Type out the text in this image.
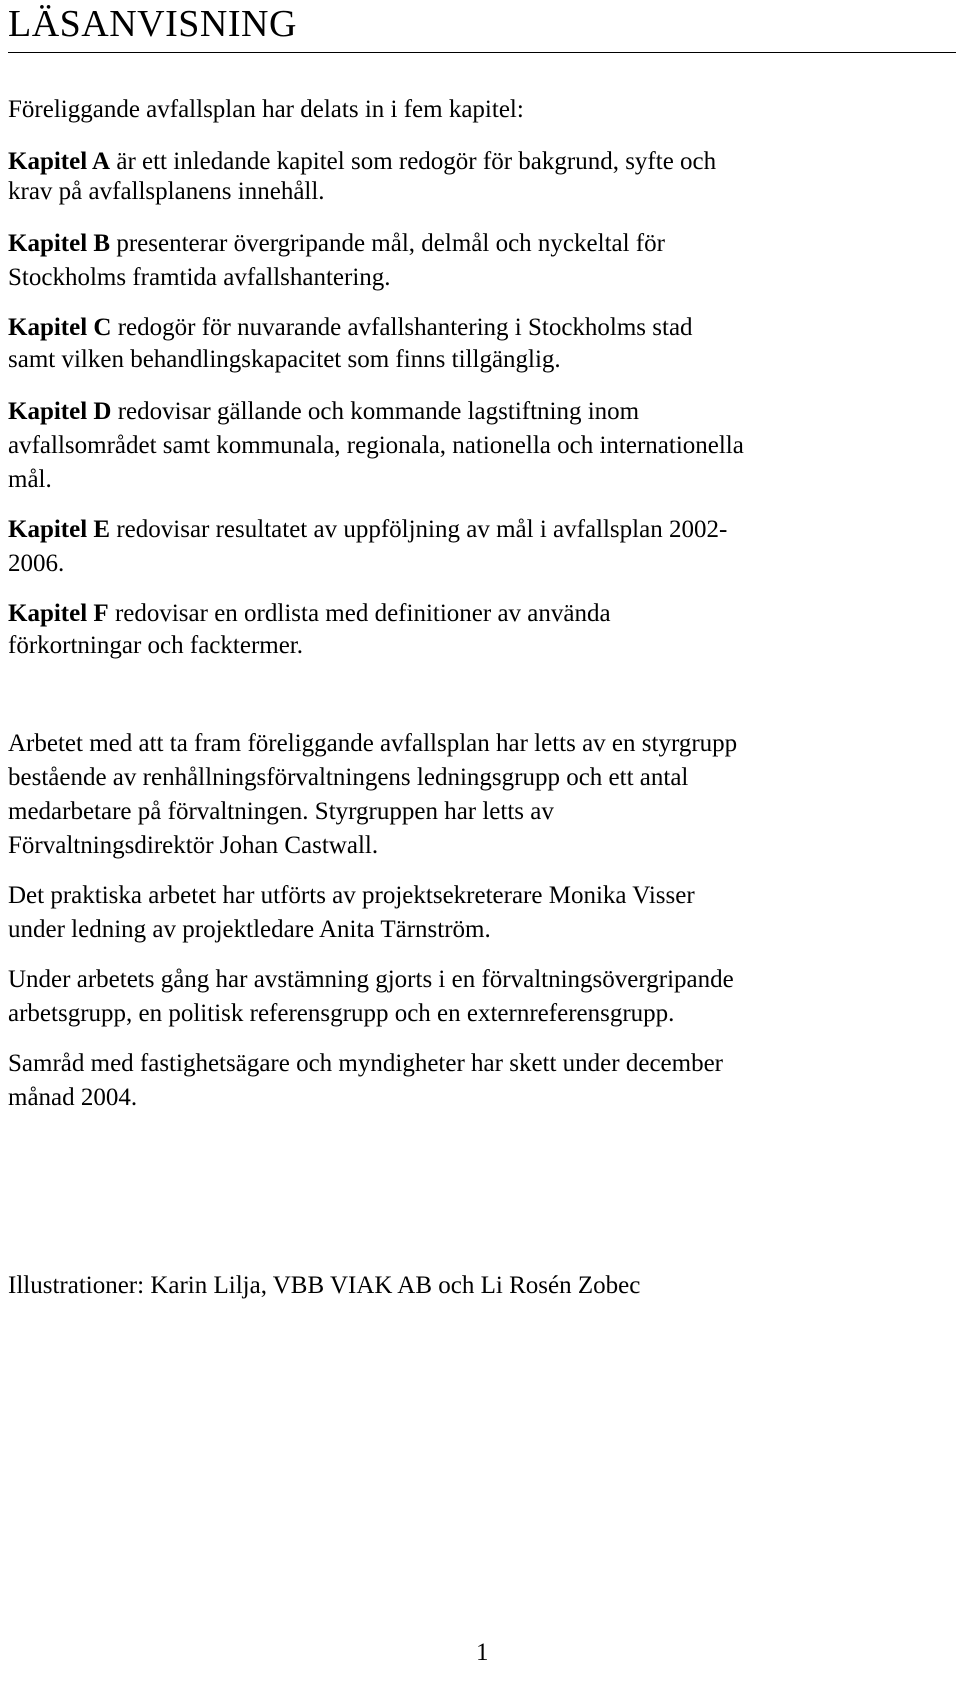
LÄSANVISNING

Föreliggande avfallsplan har delats in i fem kapitel:

Kapitel A är ett inledande kapitel som redogör för bakgrund, syfte och

krav på avfallsplanens innehåll.

Kapitel B presenterar övergripande mål, delmål och nyckeltal för

Stockholms framtida avfallshantering.

Kapitel C redogör för nuvarande avfallshantering i Stockholms stad

samt vilken behandlingskapacitet som finns tillgänglig.

Kapitel D redovisar gällande och kommande lagstiftning inom

avfallsområdet samt kommunala, regionala, nationella och internationella

mål.

Kapitel E redovisar resultatet av uppföljning av mål i avfallsplan 2002-

2006.

Kapitel F redovisar en ordlista med definitioner av använda

förkortningar och facktermer.

Arbetet med att ta fram föreliggande avfallsplan har letts av en styrgrupp

bestående av renhållningsförvaltningens ledningsgrupp och ett antal

medarbetare på förvaltningen. Styrgruppen har letts av

Förvaltningsdirektör Johan Castwall.

Det praktiska arbetet har utförts av projektsekreterare Monika Visser

under ledning av projektledare Anita Tärnström.

Under arbetets gång har avstämning gjorts i en förvaltningsövergripande

arbetsgrupp, en politisk referensgrupp och en externreferensgrupp.

Samråd med fastighetsägare och myndigheter har skett under december

månad 2004.

Illustrationer: Karin Lilja, VBB VIAK AB och Li Rosén Zobec

1
